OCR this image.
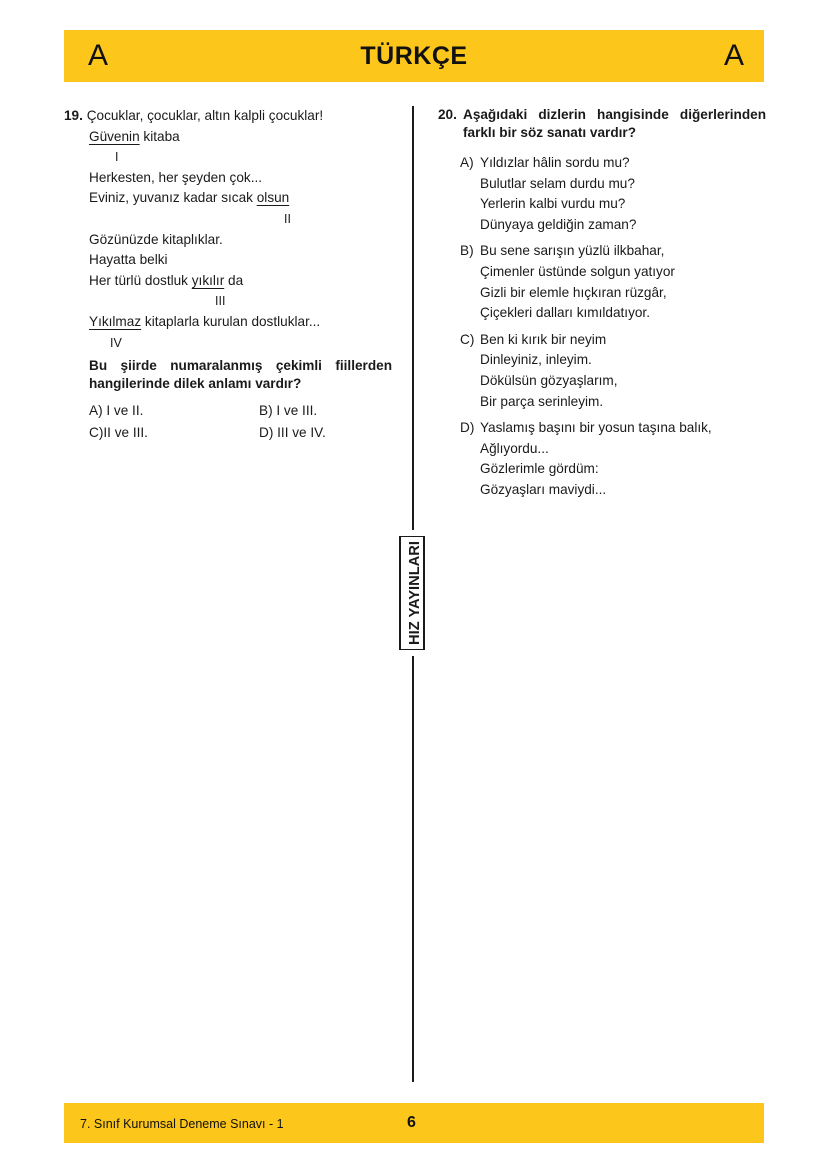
A	TÜRKÇE	A
19. Çocuklar, çocuklar, altın kalpli çocuklar!
Güvenin kitaba
I
Herkesten, her şeyden çok...
Eviniz, yuvanız kadar sıcak olsun
II
Gözünüzde kitaplıklar.
Hayatta belki
Her türlü dostluk yıkılır da
III
Yıkılmaz kitaplarla kurulan dostluklar...
IV
Bu şiirde numaralanmış çekimli fiillerden hangilerinde dilek anlamı vardır?
A) I ve II.	B) I ve III.
C)II ve III.	D) III ve IV.
HIZ YAYINLARI
20. Aşağıdaki dizlerin hangisinde diğerlerinden farklı bir söz sanatı vardır?
A) Yıldızlar hâlin sordu mu?
Bulutlar selam durdu mu?
Yerlerin kalbi vurdu mu?
Dünyaya geldiğin zaman?
B) Bu sene sarışın yüzlü ilkbahar,
Çimenler üstünde solgun yatıyor
Gizli bir elemle hıçkıran rüzgâr,
Çiçekleri dalları kımıldatıyor.
C) Ben ki kırık bir neyim
Dinleyiniz, inleyim.
Dökülsün gözyaşlarım,
Bir parça serinleyim.
D) Yaslamış başını bir yosun taşına balık,
Ağlıyordu...
Gözlerimle gördüm:
Gözyaşları maviydi...
7. Sınıf Kurumsal Deneme Sınavı - 1	6
